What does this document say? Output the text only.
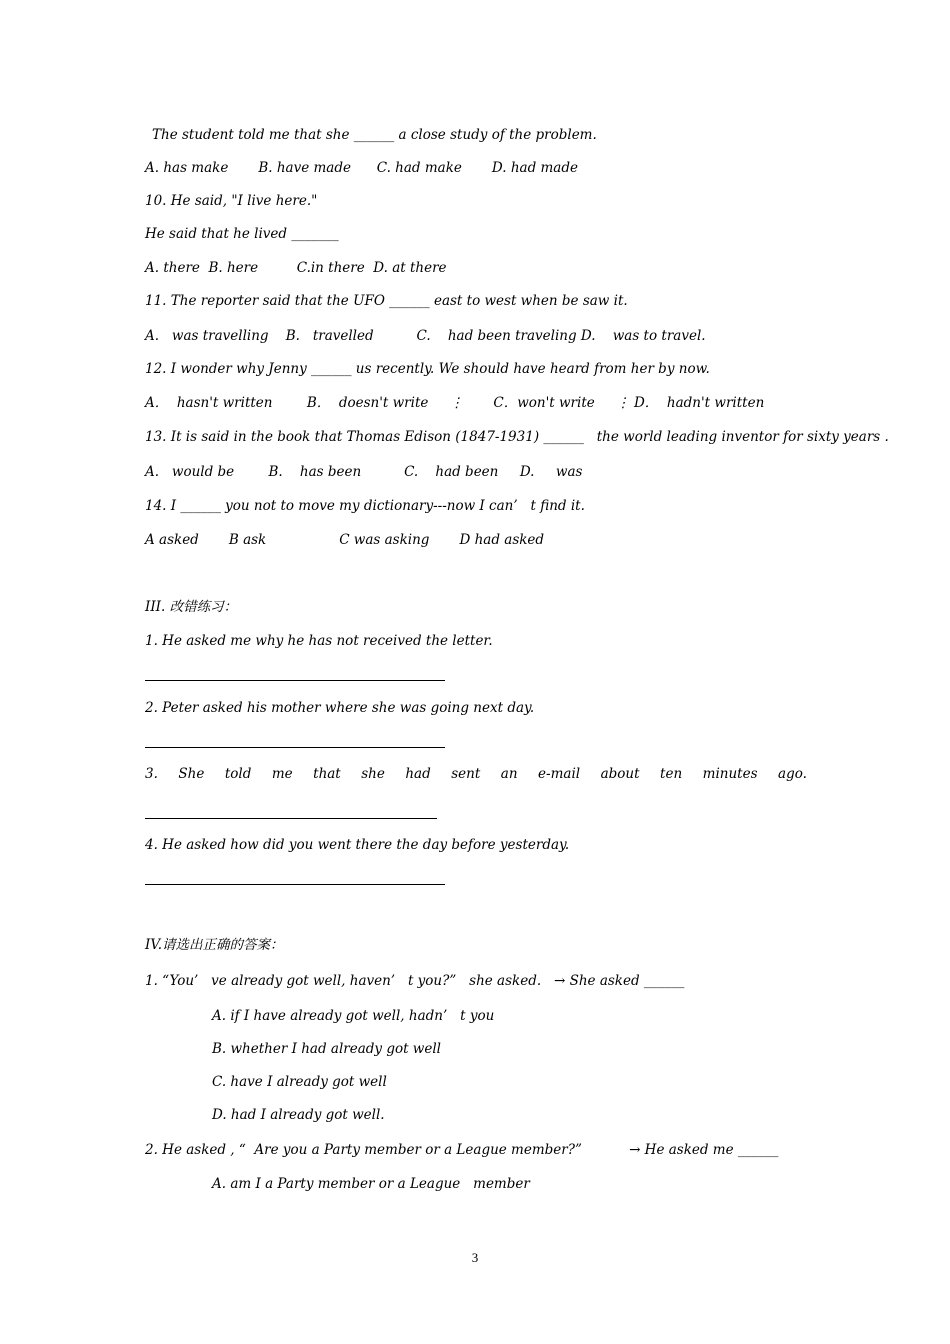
The student told me that she ______ a close study of the problem.
A. has make       B. have made      C. had make       D. had made
10. He said, "I live here."
He said that he lived _______
A. there  B. here         C.in there  D. at there
11. The reporter said that the UFO ______ east to west when be saw it.
A.   was travelling    B.   travelled          C.    had been traveling D.    was to travel.
12. I wonder why Jenny ______ us recently. We should have heard from her by now.
A．  hasn't written        B．  doesn't write     ⋮       C．won't write     ⋮ D．  hadn't written
13. It is said in the book that Thomas Edison (1847-1931) ______   the world leading inventor for sixty years .
A.   would be        B.    has been          C.    had been     D.     was
14. I ______ you not to move my dictionary---now I can’   t find it.
A asked       B ask                 C was asking       D had asked
III. 改错练习：
1. He asked me why he has not received the letter.
2. Peter asked his mother where she was going next day.
3. She told me that she had sent an e-mail about ten minutes ago.
4. He asked how did you went there the day before yesterday.
IV.请选出正确的答案：
1. “You’   ve already got well, haven’   t you?”   she asked.   → She asked ______
A. if I have already got well, hadn’   t you
B. whether I had already got well
C. have I already got well
D. had I already got well.
2. He asked , “  Are you a Party member or a League member?”           → He asked me ______
A. am I a Party member or a League   member
3
